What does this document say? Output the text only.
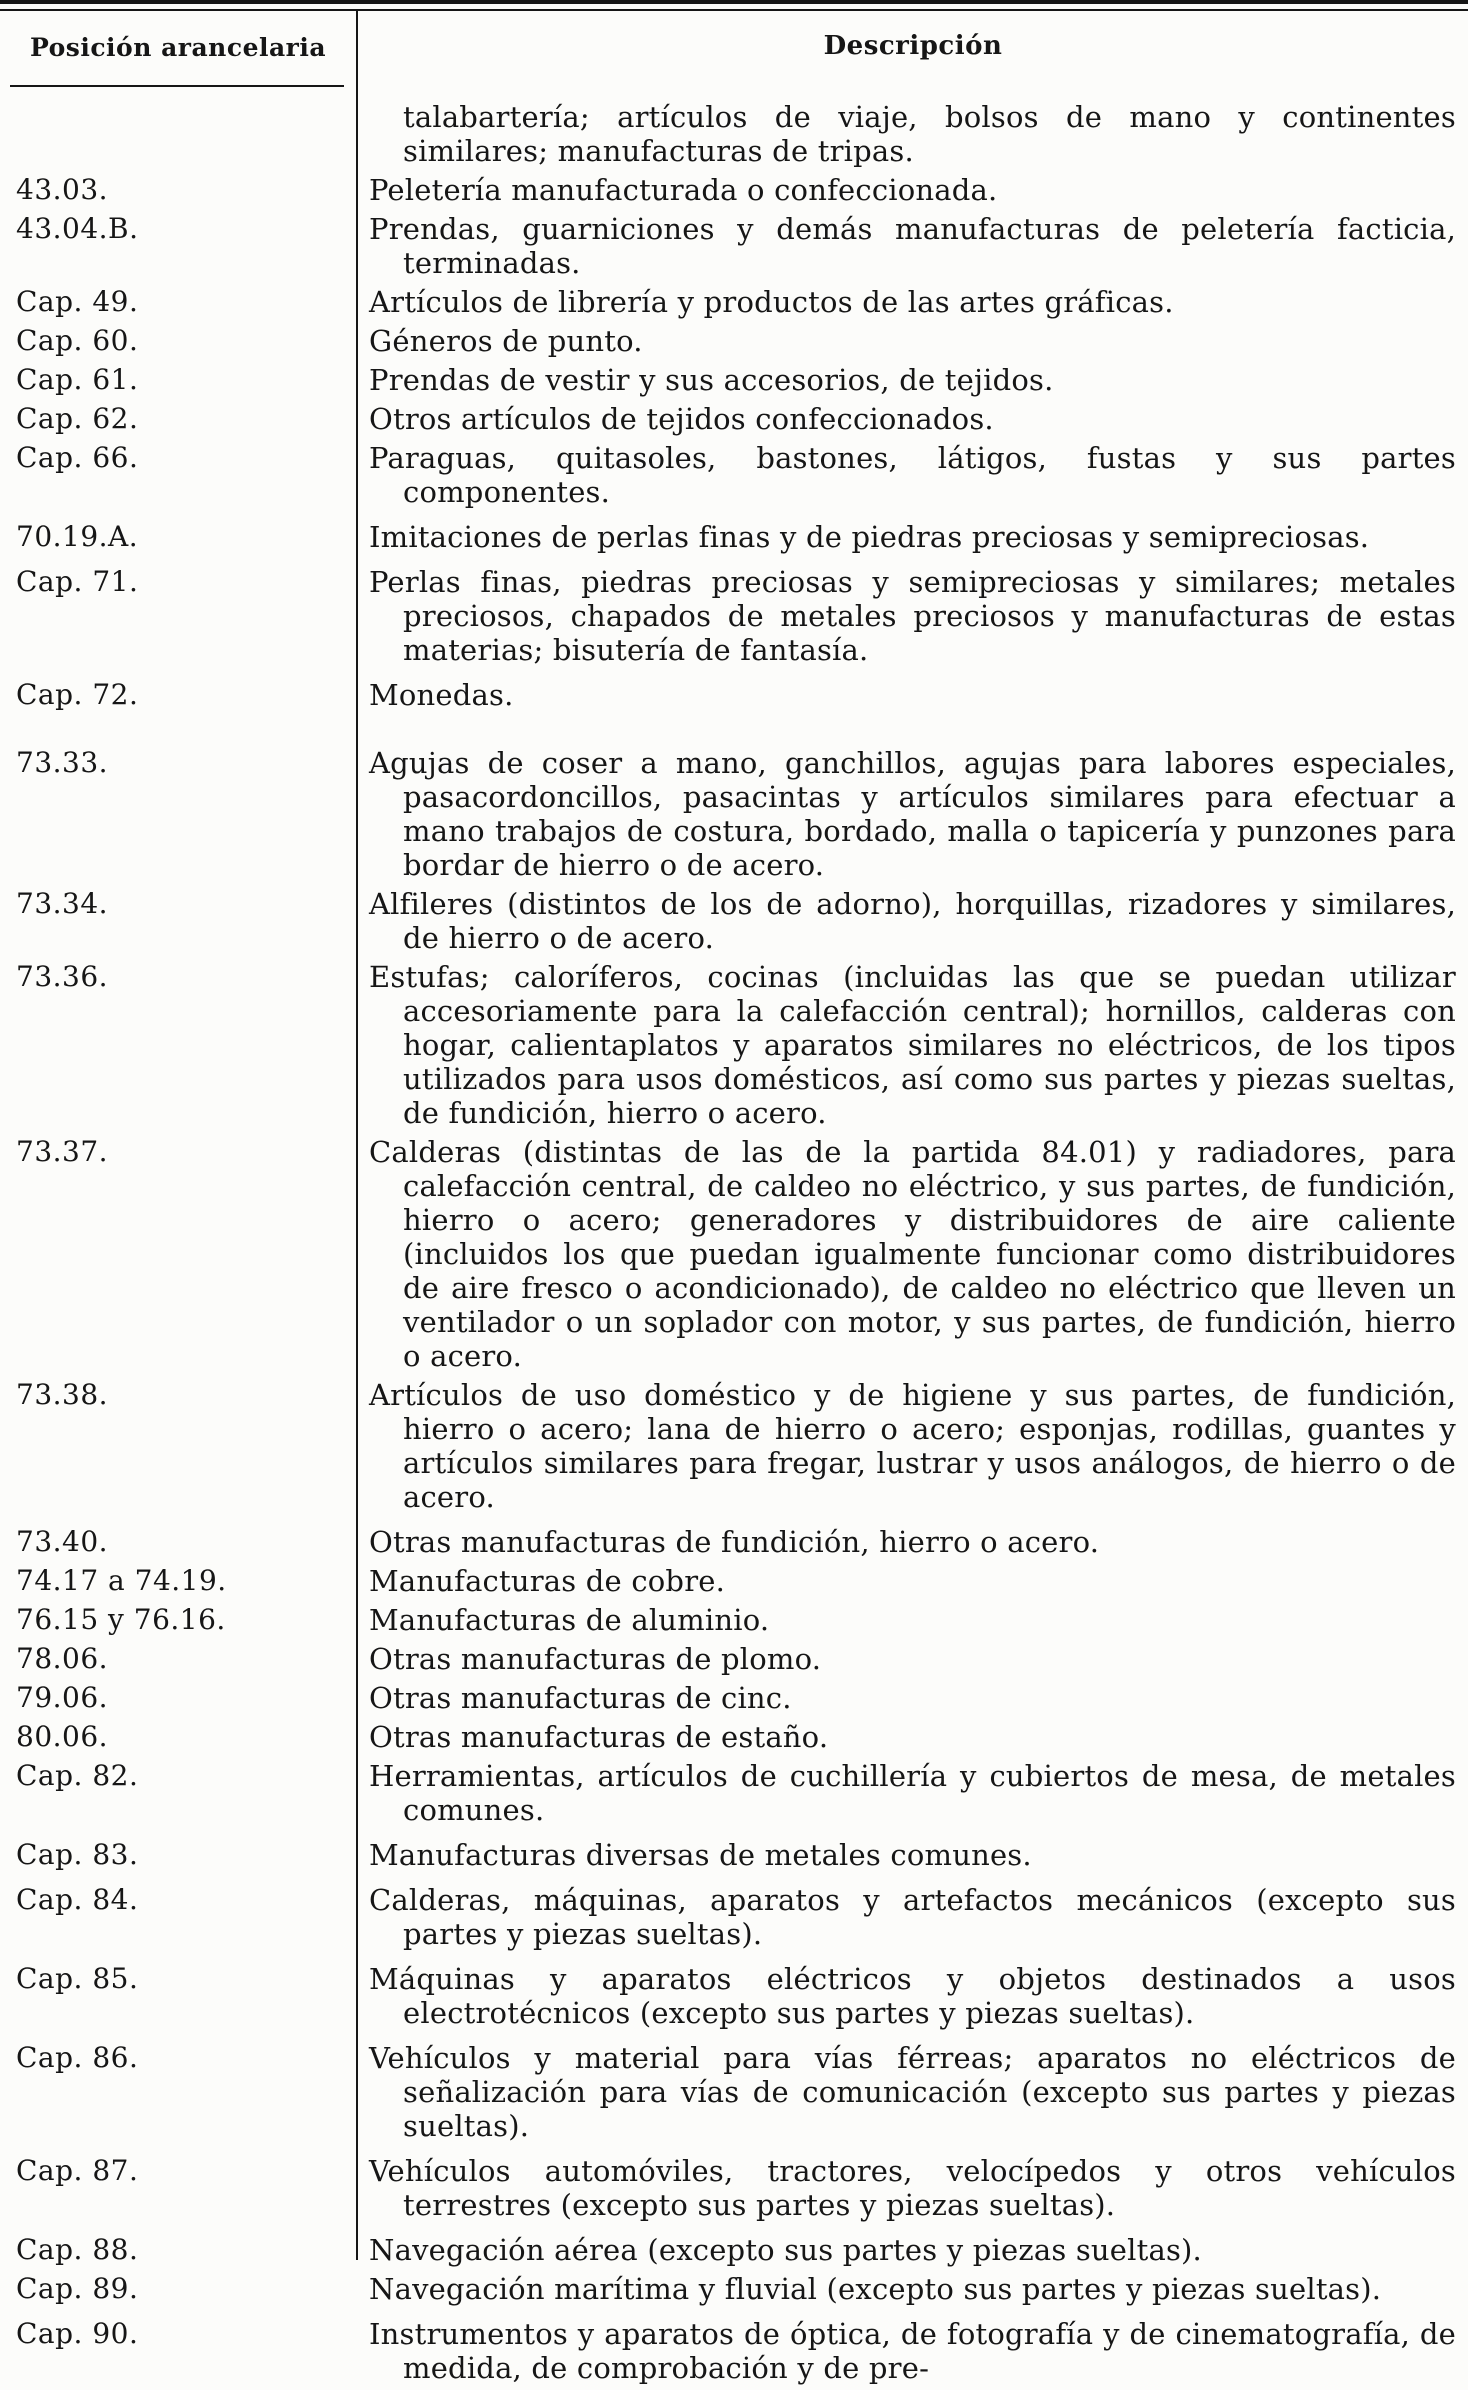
Posición arancelaria	Descripción
talabartería; artículos de viaje, bolsos de mano y continentes similares; manufacturas de tripas.
43.03.	Peletería manufacturada o confeccionada.
43.04.B.	Prendas, guarniciones y demás manufacturas de peletería facticia, terminadas.
Cap. 49.	Artículos de librería y productos de las artes gráficas.
Cap. 60.	Géneros de punto.
Cap. 61.	Prendas de vestir y sus accesorios, de tejidos.
Cap. 62.	Otros artículos de tejidos confeccionados.
Cap. 66.	Paraguas, quitasoles, bastones, látigos, fustas y sus partes componentes.
70.19.A.	Imitaciones de perlas finas y de piedras preciosas y semipreciosas.
Cap. 71.	Perlas finas, piedras preciosas y semipreciosas y similares; metales preciosos, chapados de metales preciosos y manufacturas de estas materias; bisutería de fantasía.
Cap. 72.	Monedas.
73.33.	Agujas de coser a mano, ganchillos, agujas para labores especiales, pasacordoncillos, pasacintas y artículos similares para efectuar a mano trabajos de costura, bordado, malla o tapicería y punzones para bordar de hierro o de acero.
73.34.	Alfileres (distintos de los de adorno), horquillas, rizadores y similares, de hierro o de acero.
73.36.	Estufas; caloríferos, cocinas (incluidas las que se puedan utilizar accesoriamente para la calefacción central); hornillos, calderas con hogar, calientaplatos y aparatos similares no eléctricos, de los tipos utilizados para usos domésticos, así como sus partes y piezas sueltas, de fundición, hierro o acero.
73.37.	Calderas (distintas de las de la partida 84.01) y radiadores, para calefacción central, de caldeo no eléctrico, y sus partes, de fundición, hierro o acero; generadores y distribuidores de aire caliente (incluidos los que puedan igualmente funcionar como distribuidores de aire fresco o acondicionado), de caldeo no eléctrico que lleven un ventilador o un soplador con motor, y sus partes, de fundición, hierro o acero.
73.38.	Artículos de uso doméstico y de higiene y sus partes, de fundición, hierro o acero; lana de hierro o acero; esponjas, rodillas, guantes y artículos similares para fregar, lustrar y usos análogos, de hierro o de acero.
73.40.	Otras manufacturas de fundición, hierro o acero.
74.17 a 74.19.	Manufacturas de cobre.
76.15 y 76.16.	Manufacturas de aluminio.
78.06.	Otras manufacturas de plomo.
79.06.	Otras manufacturas de cinc.
80.06.	Otras manufacturas de estaño.
Cap. 82.	Herramientas, artículos de cuchillería y cubiertos de mesa, de metales comunes.
Cap. 83.	Manufacturas diversas de metales comunes.
Cap. 84.	Calderas, máquinas, aparatos y artefactos mecánicos (excepto sus partes y piezas sueltas).
Cap. 85.	Máquinas y aparatos eléctricos y objetos destinados a usos electrotécnicos (excepto sus partes y piezas sueltas).
Cap. 86.	Vehículos y material para vías férreas; aparatos no eléctricos de señalización para vías de comunicación (excepto sus partes y piezas sueltas).
Cap. 87.	Vehículos automóviles, tractores, velocípedos y otros vehículos terrestres (excepto sus partes y piezas sueltas).
Cap. 88.	Navegación aérea (excepto sus partes y piezas sueltas).
Cap. 89.	Navegación marítima y fluvial (excepto sus partes y piezas sueltas).
Cap. 90.	Instrumentos y aparatos de óptica, de fotografía y de cinematografía, de medida, de comprobación y de pre-
